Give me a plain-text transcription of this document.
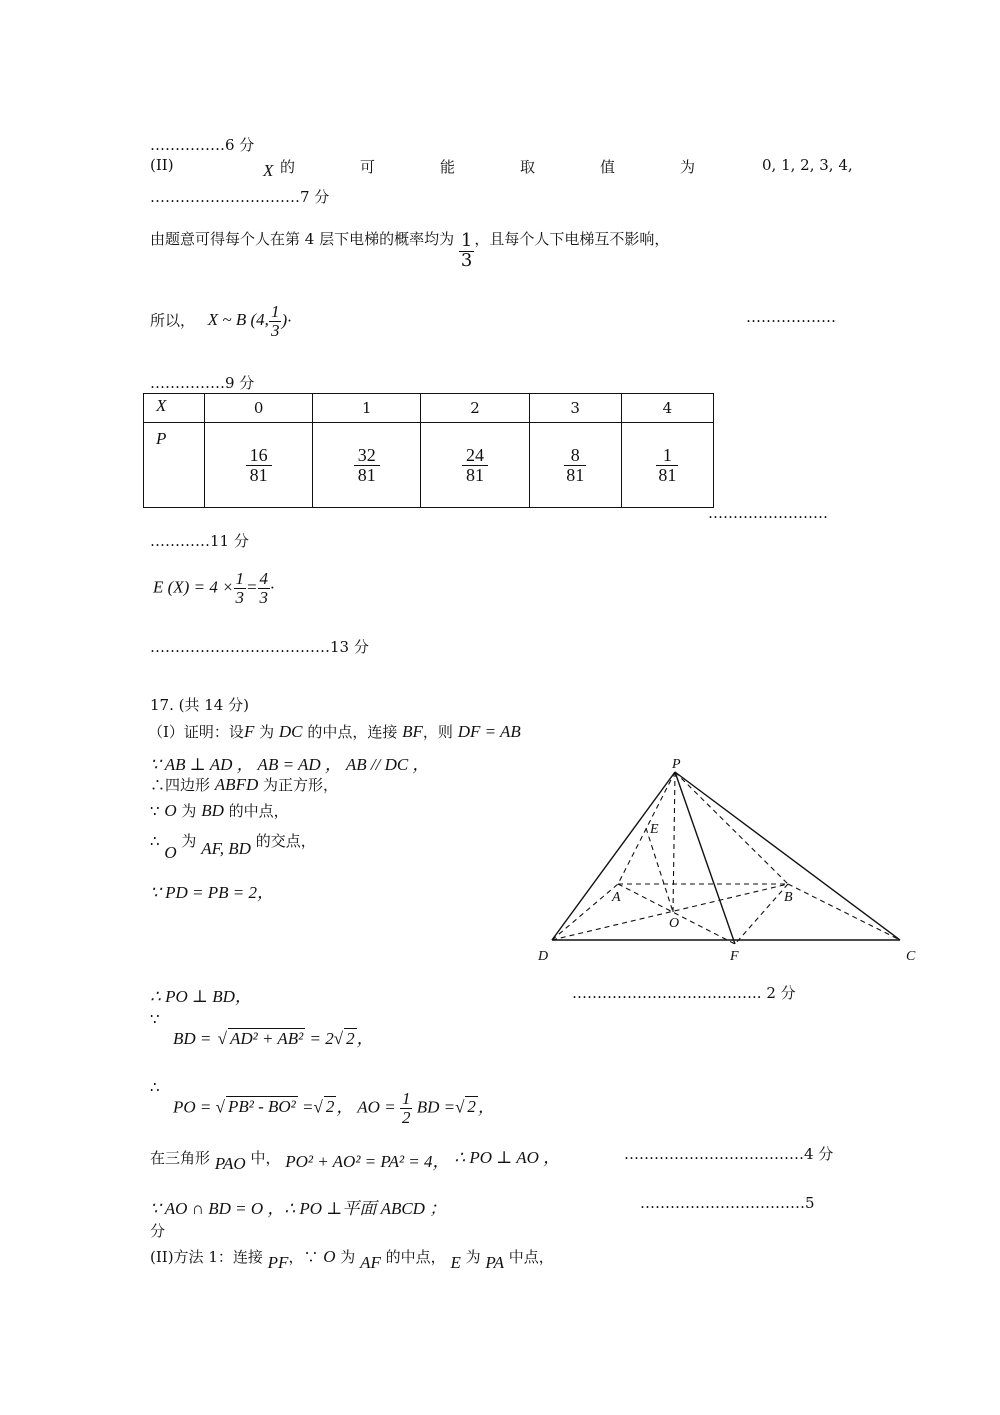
……………6 分
(II)	X 的	可	能	取	值	为	0, 1, 2, 3, 4,
…………………………7 分
由题意可得每个人在第 4 层下电梯的概率均为 $\frac{1}{3}$ ，且每个人下电梯互不影响，
所以， X ~ B (4, $\frac{1}{3}$ )·	………………
……………9 分
X	0	1	2	3	4
P	$\frac{16}{81}$	$\frac{32}{81}$	$\frac{24}{81}$	$\frac{8}{81}$	$\frac{1}{81}$
……………………
…………11 分
E $(X) = 4 \times \frac{1}{3} = \frac{4}{3}$ ·
………………………………13 分
17. (共 14 分)
（Ⅰ）证明：设F 为 DC 的中点，连接 BF，则 DF = AB
∵ AB ⊥ AD ， AB = AD ， AB // DC ，
∴四边形 ABFD 为正方形，
∵ O 为 BD 的中点，
∴ O 为 AF, BD 的交点，
∵ PD = PB = 2，
P
E
A	B
O
D	F	C
∴ PO ⊥ BD，	……………………………….. 2 分
∵
BD = √ AD² + AB² = 2√ 2 ，
∴
PO = √ PB² - BO² =√ 2 ， AO = $\frac{1}{2}$ BD =√ 2 ，
在三角形 PAO 中， PO² + AO² = PA² = 4， ∴ PO ⊥ AO ，	………………………………4 分
∵ AO ∩ BD = O ，∴ PO ⊥平面 ABCD ；	……………………………5
分
(II)方法 1：连接 PF，∵ O 为 AF 的中点， E 为 PA 中点，
